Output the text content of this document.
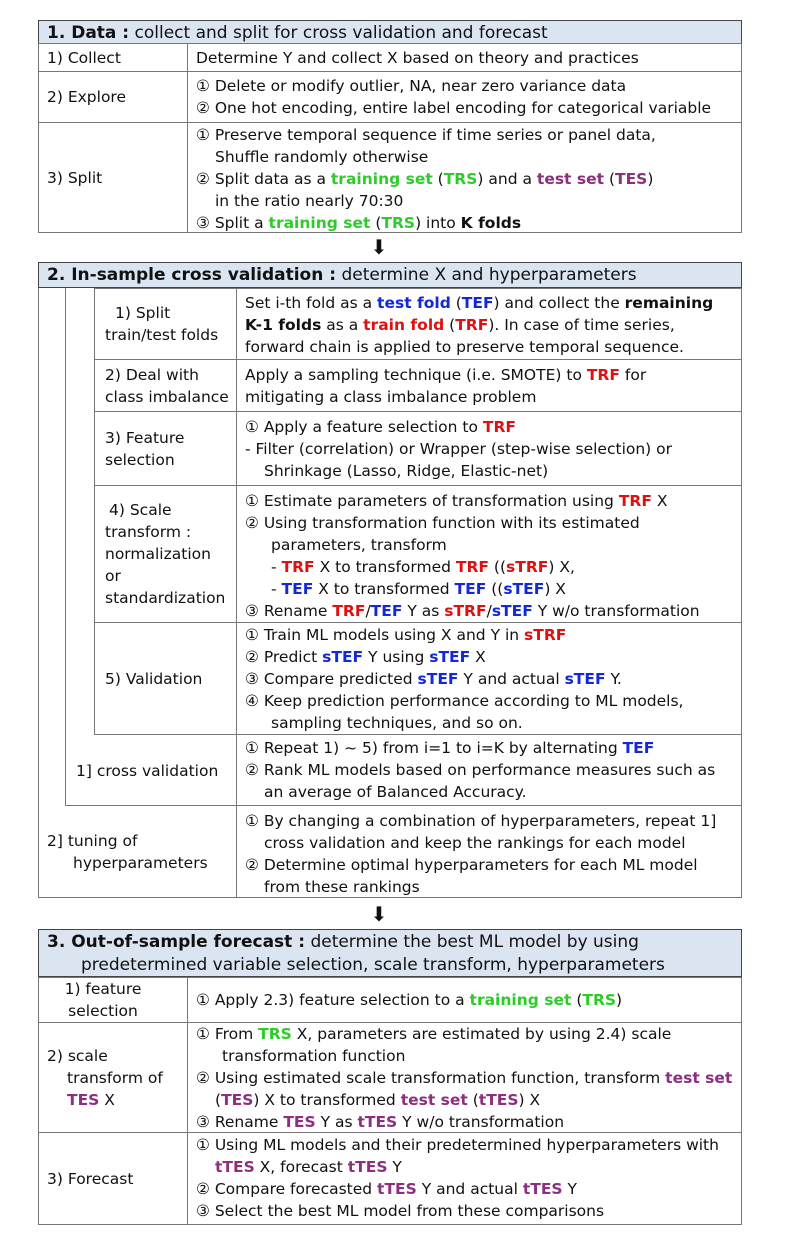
1. Data : collect and split for cross validation and forecast
1) Collect	Determine Y and collect X based on theory and practices
2) Explore
① Delete or modify outlier, NA, near zero variance data
② One hot encoding, entire label encoding for categorical variable
3) Split
① Preserve temporal sequence if time series or panel data,
Shuffle randomly otherwise
② Split data as a training set (TRS) and a test set (TES)
in the ratio nearly 70:30
③ Split a training set (TRS) into K folds
⬇
2. In-sample cross validation : determine X and hyperparameters
1) Split
train/test folds
Set i-th fold as a test fold (TEF) and collect the remaining
K-1 folds as a train fold (TRF). In case of time series,
forward chain is applied to preserve temporal sequence.
2) Deal with
class imbalance
Apply a sampling technique (i.e. SMOTE) to TRF for
mitigating a class imbalance problem
3) Feature
selection
① Apply a feature selection to TRF
- Filter (correlation) or Wrapper (step-wise selection) or
Shrinkage (Lasso, Ridge, Elastic-net)
4) Scale
transform :
normalization
or
standardization
① Estimate parameters of transformation using TRF X
② Using transformation function with its estimated
parameters, transform
- TRF X to transformed TRF ((sTRF) X,
- TEF X to transformed TEF ((sTEF) X
③ Rename TRF/TEF Y as sTRF/sTEF Y w/o transformation
5) Validation
① Train ML models using X and Y in sTRF
② Predict sTEF Y using sTEF X
③ Compare predicted sTEF Y and actual sTEF Y.
④ Keep prediction performance according to ML models,
sampling techniques, and so on.
1] cross validation
① Repeat 1) ~ 5) from i=1 to i=K by alternating TEF
② Rank ML models based on performance measures such as
an average of Balanced Accuracy.
2] tuning of
hyperparameters
① By changing a combination of hyperparameters, repeat 1]
cross validation and keep the rankings for each model
② Determine optimal hyperparameters for each ML model
from these rankings
⬇
3. Out-of-sample forecast : determine the best ML model by using
predetermined variable selection, scale transform, hyperparameters
1) feature
selection
① Apply 2.3) feature selection to a training set (TRS)
2) scale
transform of
TES X
① From TRS X, parameters are estimated by using 2.4) scale
transformation function
② Using estimated scale transformation function, transform test set
(TES) X to transformed test set (tTES) X
③ Rename TES Y as tTES Y w/o transformation
3) Forecast
① Using ML models and their predetermined hyperparameters with
tTES X, forecast tTES Y
② Compare forecasted tTES Y and actual tTES Y
③ Select the best ML model from these comparisons
